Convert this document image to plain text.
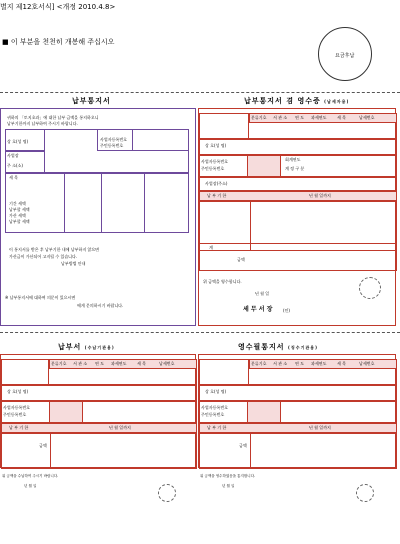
별지 제12호서식] <개정 2010.4.8>
■ 이 부분을 천천히 개봉해 주십시오
요금후납
납부통지서
귀하의 「토지초과」에 대한 납부 금액을 통지하오니
납부기한까지 납부하여 주시기 바랍니다.
상 호(성 명)
사업장
주 소(소)
사업자등록번호
주민등록번호
세 목
기간 세액
납부할 세액
가산 세액
납부할 세액
이 통지서를 받은 후 납부기한 내에 납부하지 않으면
가산금이 가산되어 고지될 수 있습니다.
납부방법 안내
※ 납부통지서에 대하여 의문이 있으시면
에게 문의하시기 바랍니다.
납부통지서 겸 영수증 (납세자용)
분류기호 서 관 소 연 도 과세연도	세 목	납세번호
상 호(성 명)
사업자등록번호
주민등록번호
회계연도
계 정 구 분
사업장(주소)
납 부 기 한	년 월 일까지
계
금액
위 금액을 영수합니다.
년 월 일
세 무 서 장	(인)
납부서 (수납기관용)
분류기호 서 관 소 연 도 과세연도	세 목	납세번호
상 호(성 명)
사업자등록번호
주민등록번호
납 부 기 한	년 월 일까지
금액
위 금액을 수납하여 주시기 바랍니다.
년 월 일
영수필통지서 (징수기관용)
분류기호 서 관 소 연 도 과세연도	세 목	납세번호
상 호(성 명)
사업자등록번호
주민등록번호
납 부 기 한	년 월 일까지
금액
위 금액을 영수하였음을 통지합니다.
년 월 일
